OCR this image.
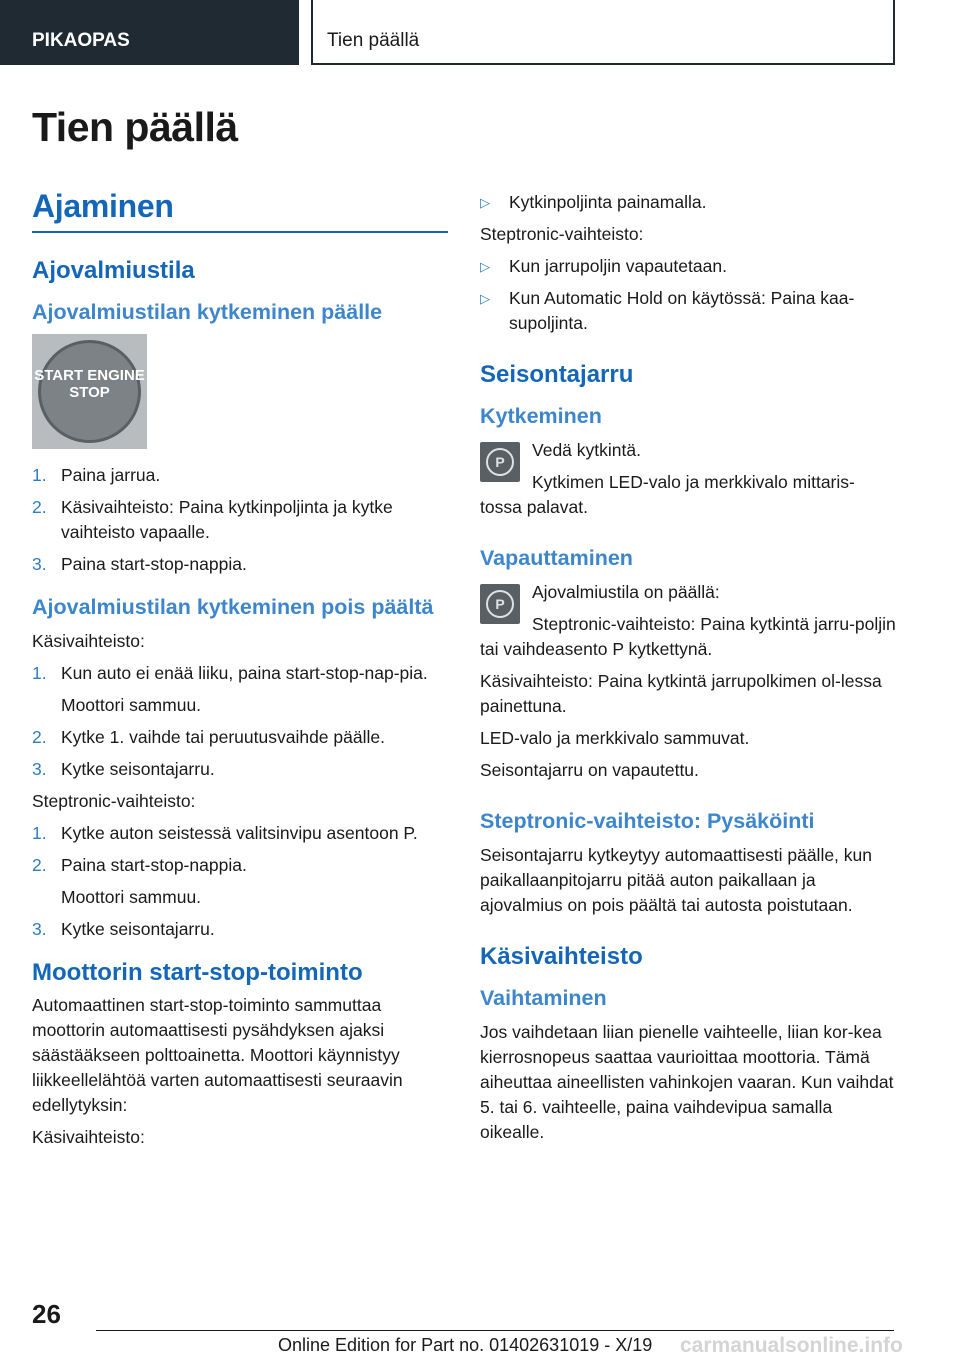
PIKAOPAS	Tien päällä
Tien päällä
Ajaminen
Ajovalmiustila
Ajovalmiustilan kytkeminen päälle
START ENGINE STOP
1. Paina jarrua.
2. Käsivaihteisto: Paina kytkinpoljinta ja kytke vaihteisto vapaalle.
3. Paina start-stop-nappia.
Ajovalmiustilan kytkeminen pois päältä

Käsivaihteisto:

1. Kun auto ei enää liiku, paina start-stop-nap-pia.

Moottori sammuu.

2. Kytke 1. vaihde tai peruutusvaihde päälle.
3. Kytke seisontajarru.

Steptronic-vaihteisto:

1. Kytke auton seistessä valitsinvipu asentoon P.
2. Paina start-stop-nappia.

Moottori sammuu.

3. Kytke seisontajarru.
Moottorin start-stop-toiminto

Automaattinen start-stop-toiminto sammuttaa moottorin automaattisesti pysähdyksen ajaksi säästääkseen polttoainetta. Moottori käynnistyy liikkeellelähtöä varten automaattisesti seuraavin edellytyksin:

Käsivaihteisto:

▷ Kytkinpoljinta painamalla.

Steptronic-vaihteisto:

▷ Kun jarrupoljin vapautetaan.
▷ Kun Automatic Hold on käytössä: Paina kaa-supoljinta.
Seisontajarru
Kytkeminen
P

Vedä kytkintä.

Kytkimen LED-valo ja merkkivalo mittaris-tossa palavat.

Vapauttaminen
P

Ajovalmiustila on päällä:

Steptronic-vaihteisto: Paina kytkintä jarru-poljin tai vaihdeasento P kytkettynä.

Käsivaihteisto: Paina kytkintä jarrupolkimen ol-lessa painettuna.

LED-valo ja merkkivalo sammuvat.

Seisontajarru on vapautettu.

Steptronic-vaihteisto: Pysäköinti

Seisontajarru kytkeytyy automaattisesti päälle, kun paikallaanpitojarru pitää auton paikallaan ja ajovalmius on pois päältä tai autosta poistutaan.

Käsivaihteisto
Vaihtaminen

Jos vaihdetaan liian pienelle vaihteelle, liian kor-kea kierrosnopeus saattaa vaurioittaa moottoria. Tämä aiheuttaa aineellisten vahinkojen vaaran. Kun vaihdat 5. tai 6. vaihteelle, paina vaihdevipua samalla oikealle.

26
Online Edition for Part no. 01402631019 - X/19 carmanualsonline.info
